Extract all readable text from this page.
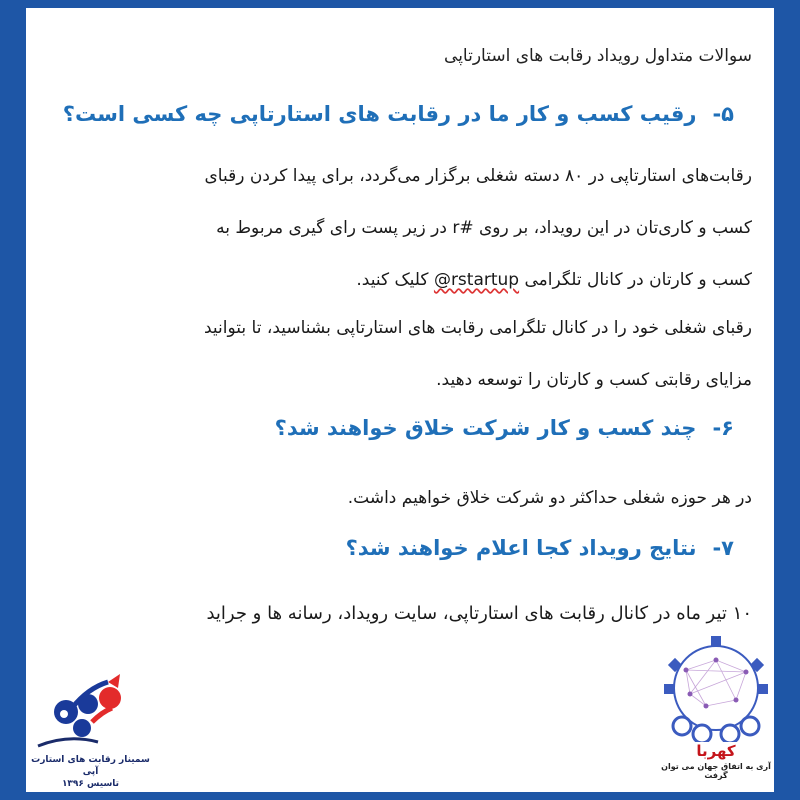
سوالات متداول رویداد رقابت های استارتاپی
۵-رقیب کسب و کار ما در رقابت های استارتاپی چه کسی است؟
رقابت‌های استارتاپی در ۸۰ دسته شغلی برگزار می‌گردد، برای پیدا کردن رقبای
کسب و کاری‌تان در این رویداد، بر روی #r در زیر پست رای گیری مربوط به
کسب و کارتان در کانال تلگرامی @rstartup کلیک کنید.
رقبای شغلی خود را در کانال تلگرامی رقابت های استارتاپی بشناسید، تا بتوانید
مزایای رقابتی کسب و کارتان را توسعه دهید.
۶-چند کسب و کار شرکت خلاق خواهند شد؟
در هر حوزه شغلی حداکثر دو شرکت خلاق خواهیم داشت.
۷-نتایج رویداد کجا اعلام خواهند شد؟
۱۰ تیر ماه در کانال رقابت های استارتاپی، سایت رویداد، رسانه ها و جراید
سمینار رقابت های استارت آپی
تاسیس ۱۳۹۶
کهربا
آری به اتفاق جهان می توان گرفت
